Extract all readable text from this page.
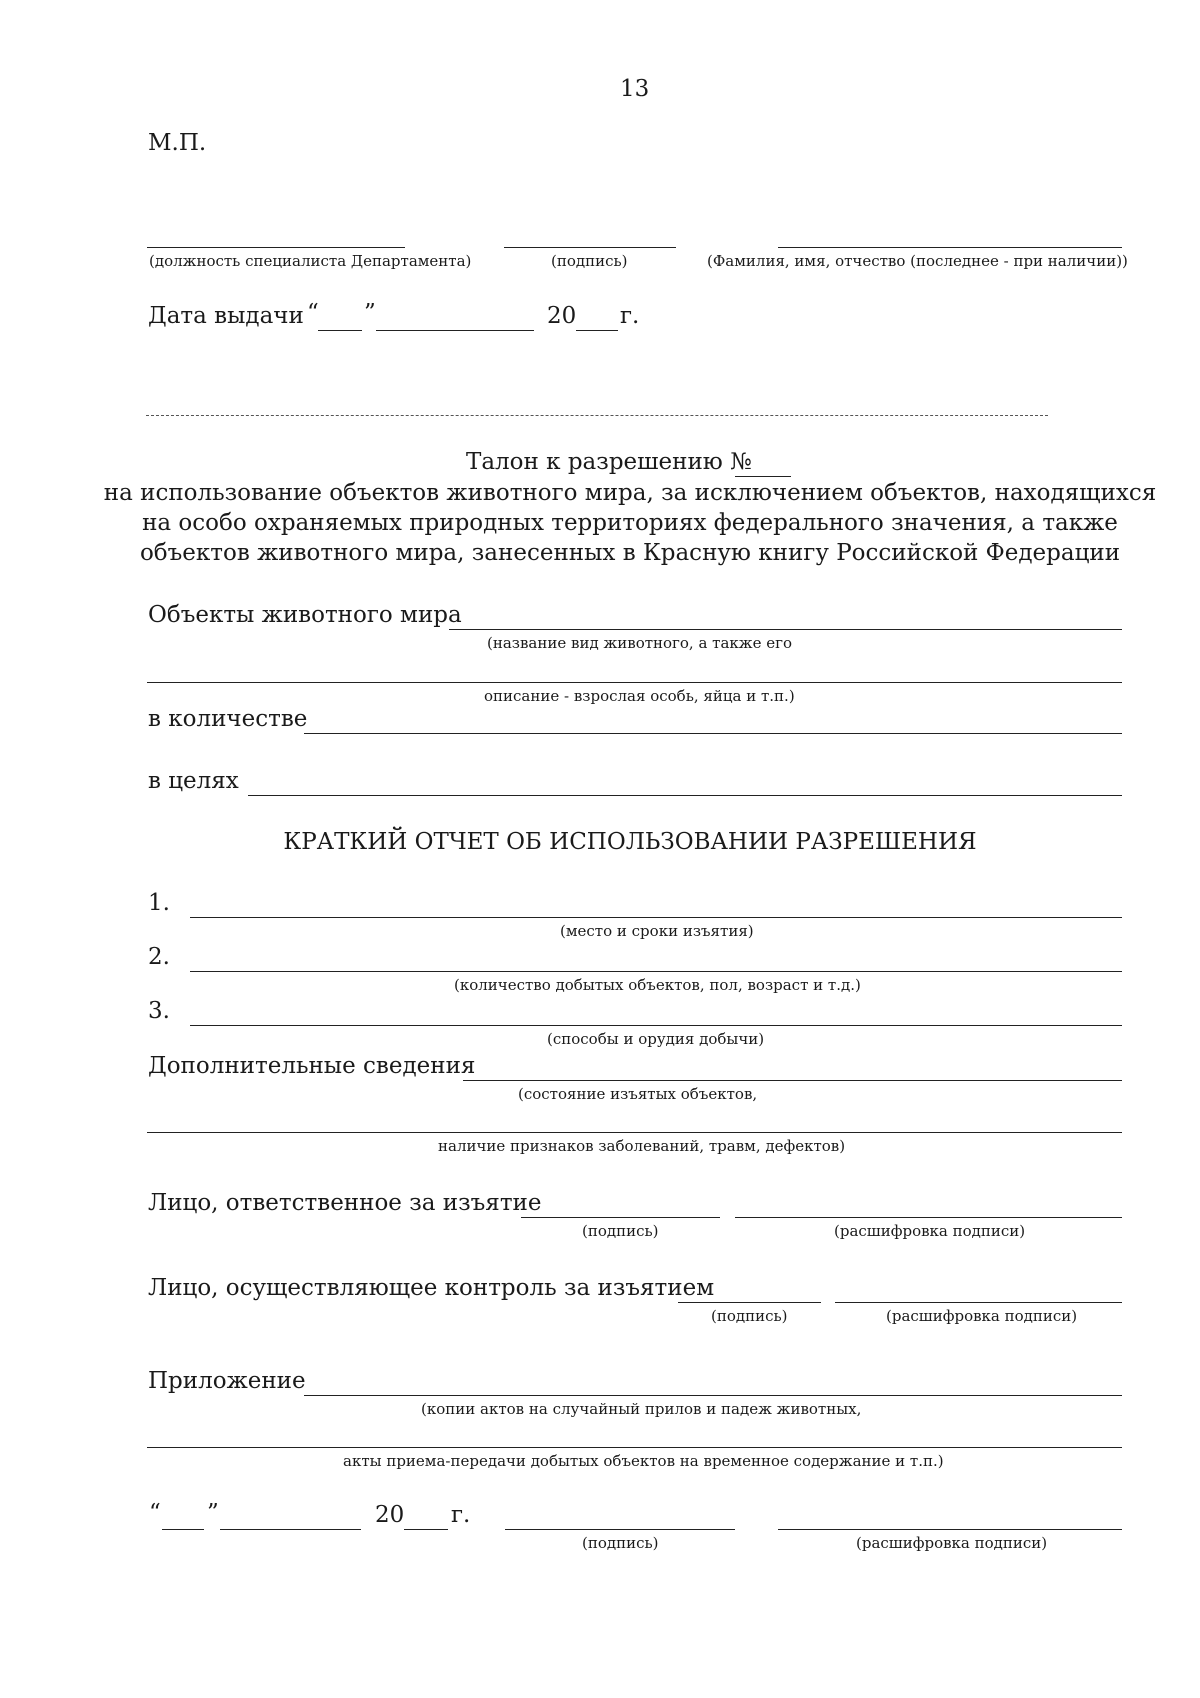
13
М.П.
(должность специалиста Департамента)	(подпись)	(Фамилия, имя, отчество (последнее - при наличии))
Дата выдачи “ ”	20 г.
Талон к разрешению №
на использование объектов животного мира, за исключением объектов, находящихся
на особо охраняемых природных территориях федерального значения, а также
объектов животного мира, занесенных в Красную книгу Российской Федерации
Объекты животного мира
(название вид животного, а также его
описание - взрослая особь, яйца и т.п.)
в количестве
в целях
КРАТКИЙ ОТЧЕТ ОБ ИСПОЛЬЗОВАНИИ РАЗРЕШЕНИЯ
1.
(место и сроки изъятия)
2.
(количество добытых объектов, пол, возраст и т.д.)
3.
(способы и орудия добычи)
Дополнительные сведения
(состояние изъятых объектов,
наличие признаков заболеваний, травм, дефектов)
Лицо, ответственное за изъятие
(подпись)	(расшифровка подписи)
Лицо, осуществляющее контроль за изъятием
(подпись)	(расшифровка подписи)
Приложение
(копии актов на случайный прилов и падеж животных,
акты приема-передачи добытых объектов на временное содержание и т.п.)
“ ”	20 г.
(подпись)	(расшифровка подписи)
